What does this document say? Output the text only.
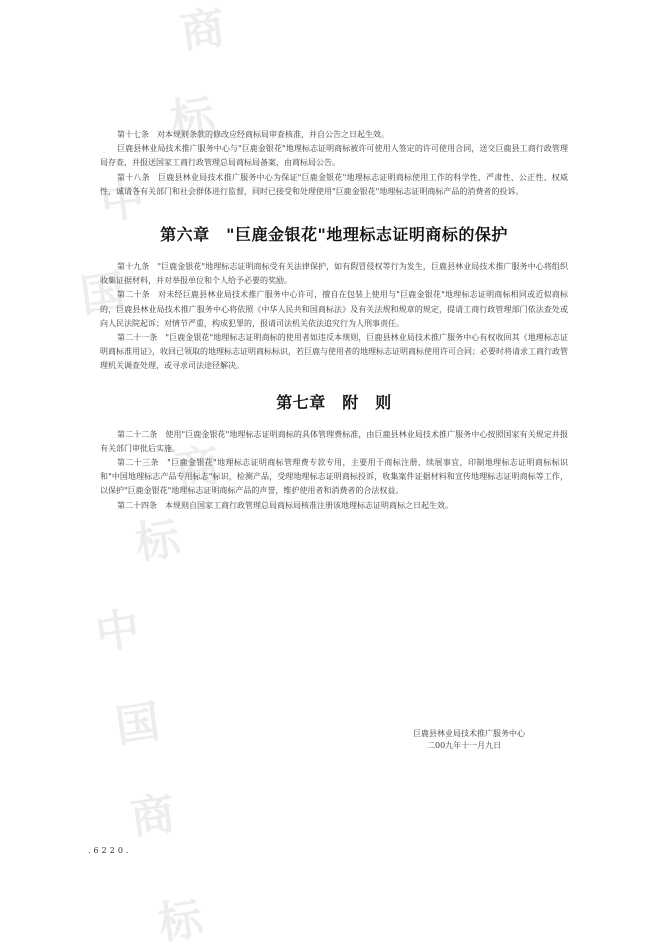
商
标
中
国
商
标
中
国
商
标

第十七条　对本规则条款的修改应经商标局审查核准，并自公告之日起生效。

巨鹿县林业局技术推广服务中心与"巨鹿金银花"地理标志证明商标被许可使用人签定的许可使用合同，送交巨鹿县工商行政管理局存查，并报送国家工商行政管理总局商标局备案，由商标局公告。

第十八条　巨鹿县林业局技术推广服务中心为保证"巨鹿金银花"地理标志证明商标使用工作的科学性、严肃性、公正性、权威性，诚请各有关部门和社会群体进行监督，同时已接受和处理使用"巨鹿金银花"地理标志证明商标产品的消费者的投诉。

第六章　"巨鹿金银花"地理标志证明商标的保护

第十九条　"巨鹿金银花"地理标志证明商标受有关法律保护，如有假冒侵权等行为发生，巨鹿县林业局技术推广服务中心将组织收集证据材料，并对举报单位和个人给予必要的奖励。

第二十条　对未经巨鹿县林业局技术推广服务中心许可，擅自在包装上使用与"巨鹿金银花"地理标志证明商标相同或近似商标的，巨鹿县林业局技术推广服务中心将依照《中华人民共和国商标法》及有关法规和规章的规定，提请工商行政管理部门依法查处或向人民法院起诉；对情节严重，构成犯罪的，报请司法机关依法追究行为人刑事责任。

第二十一条　"巨鹿金银花"地理标志证明商标的使用者如违反本规则，巨鹿县林业局技术推广服务中心有权收回其《地理标志证明商标准用证》，收回已领取的地理标志证明商标标识，若巨鹿与使用者的地理标志证明商标使用许可合同；必要时将请求工商行政管理机关调查处理，或寻求司法途径解决。

第七章　附　则

第二十二条　使用"巨鹿金银花"地理标志证明商标的具体管理费标准，由巨鹿县林业局技术推广服务中心按照国家有关规定并报有关部门审批后实施。

第二十三条　"巨鹿金银花"地理标志证明商标管理费专款专用，主要用于商标注册、续展事宜，印制地理标志证明商标标识和"中国地理标志产品专用标志"标识，检测产品，受理地理标志证明商标投诉，收集案件证据材料和宣传地理标志证明商标等工作，以保护"巨鹿金银花"地理标志证明商标产品的声誉，维护使用者和消费者的合法权益。

第二十四条　本规则自国家工商行政管理总局商标局核准注册该地理标志证明商标之日起生效。

巨鹿县林业局技术推广服务中心
二00九年十一月九日
.6220.
